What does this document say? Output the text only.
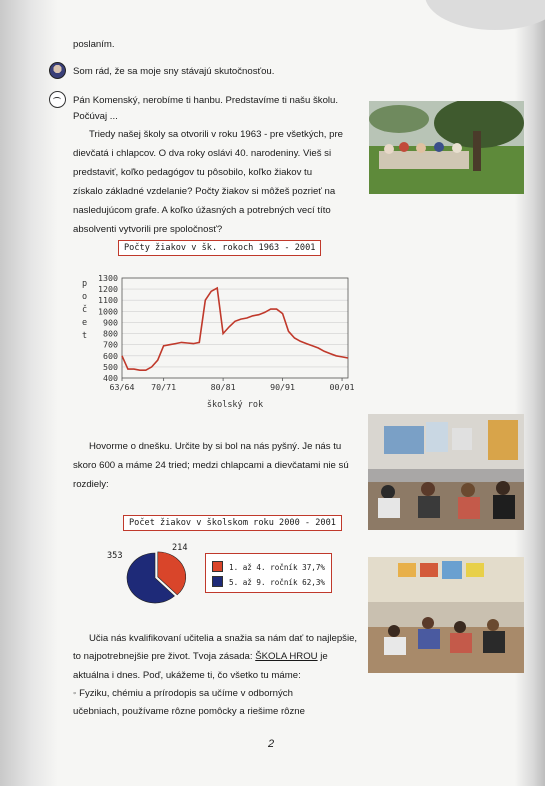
poslaním.
Som rád, že sa moje sny stávajú skutočnosťou.
Pán Komenský, nerobíme ti hanbu. Predstavíme ti našu školu.
Počúvaj ...
Triedy našej školy sa otvorili v roku 1963 - pre všetkých, pre
dievčatá i chlapcov. O dva roky oslávi 40. narodeniny. Vieš si
predstaviť, koľko pedagógov tu pôsobilo, koľko žiakov tu
získalo základné vzdelanie? Počty žiakov si môžeš pozrieť na
nasledujúcom grafe. A koľko úžasných a potrebných vecí títo
absolventi vytvorili pre spoločnosť?
Počty žiakov v šk. rokoch 1963 - 2001
400
500
600
700
800
900
1000
1100
1200
1300
63/64 70/71	80/81	90/91	00/01
p o č e t
školský rok
Hovorme o dnešku. Určite by si bol na nás pyšný. Je nás tu
skoro 600 a máme 24 tried; medzi chlapcami a dievčatami nie sú
rozdiely:
Počet žiakov v školskom roku 2000 - 2001
353
214
1. až 4. ročník 37,7%
5. až 9. ročník 62,3%
Učia nás kvalifikovaní učitelia a snažia sa nám dať to najlepšie,
to najpotrebnejšie pre život. Tvoja zásada: ŠKOLA HROU je
aktuálna i dnes. Poď, ukážeme ti, čo všetko tu máme:
◦ Fyziku, chémiu a prírodopis sa učíme v odborných
učebniach, používame rôzne pomôcky a riešime rôzne
2
